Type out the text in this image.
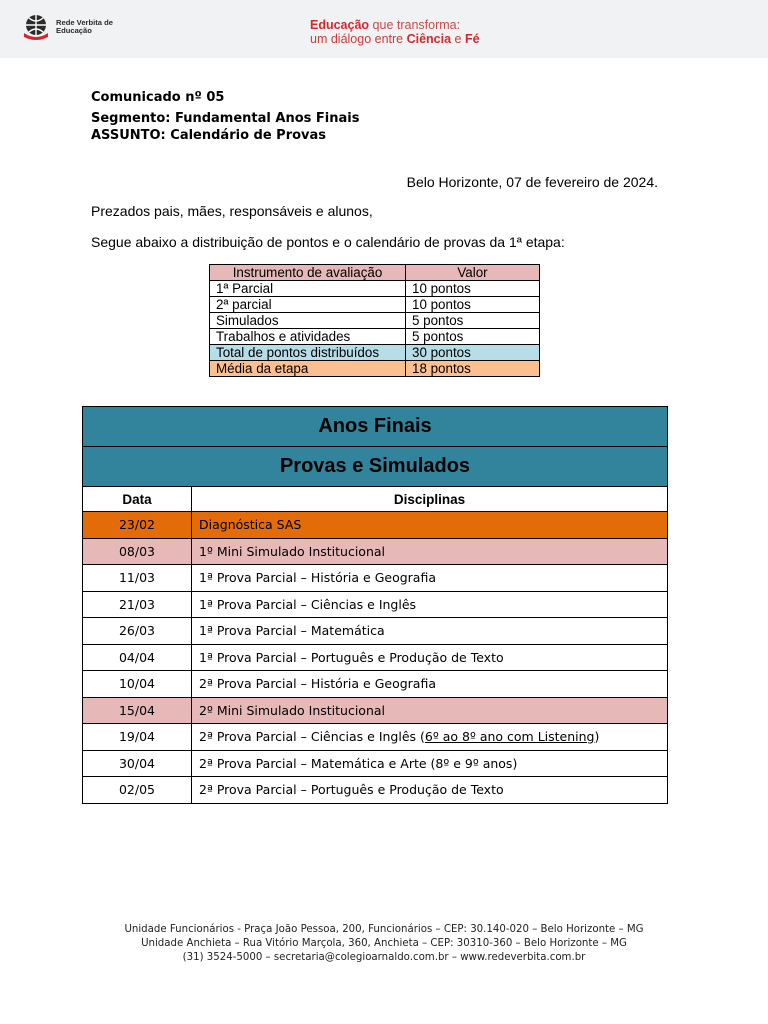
Rede Verbita de Educação	Educação que transforma:
um diálogo entre Ciência e Fé
Comunicado nº 05
Segmento: Fundamental Anos Finais
ASSUNTO: Calendário de Provas
Belo Horizonte, 07 de fevereiro de 2024.
Prezados pais, mães, responsáveis e alunos,
Segue abaixo a distribuição de pontos e o calendário de provas da 1ª etapa:
Instrumento de avaliação	Valor
1ª Parcial	10 pontos
2ª parcial	10 pontos
Simulados	5 pontos
Trabalhos e atividades	5 pontos
Total de pontos distribuídos	30 pontos
Média da etapa	18 pontos
Anos Finais	
Provas e Simulados	
Data	Disciplinas
23/02	Diagnóstica SAS
08/03	1º Mini Simulado Institucional
11/03	1ª Prova Parcial – História e Geografia
21/03	1ª Prova Parcial – Ciências e Inglês
26/03	1ª Prova Parcial – Matemática
04/04	1ª Prova Parcial – Português e Produção de Texto
10/04	2ª Prova Parcial – História e Geografia
15/04	2º Mini Simulado Institucional
19/04	2ª Prova Parcial – Ciências e Inglês (6º ao 8º ano com Listening)
30/04	2ª Prova Parcial – Matemática e Arte (8º e 9º anos)
02/05	2ª Prova Parcial – Português e Produção de Texto
Unidade Funcionários - Praça João Pessoa, 200, Funcionários – CEP: 30.140-020 – Belo Horizonte – MG
Unidade Anchieta – Rua Vitório Marçola, 360, Anchieta – CEP: 30310-360 – Belo Horizonte – MG
(31) 3524-5000 – secretaria@colegioarnaldo.com.br – www.redeverbita.com.br
